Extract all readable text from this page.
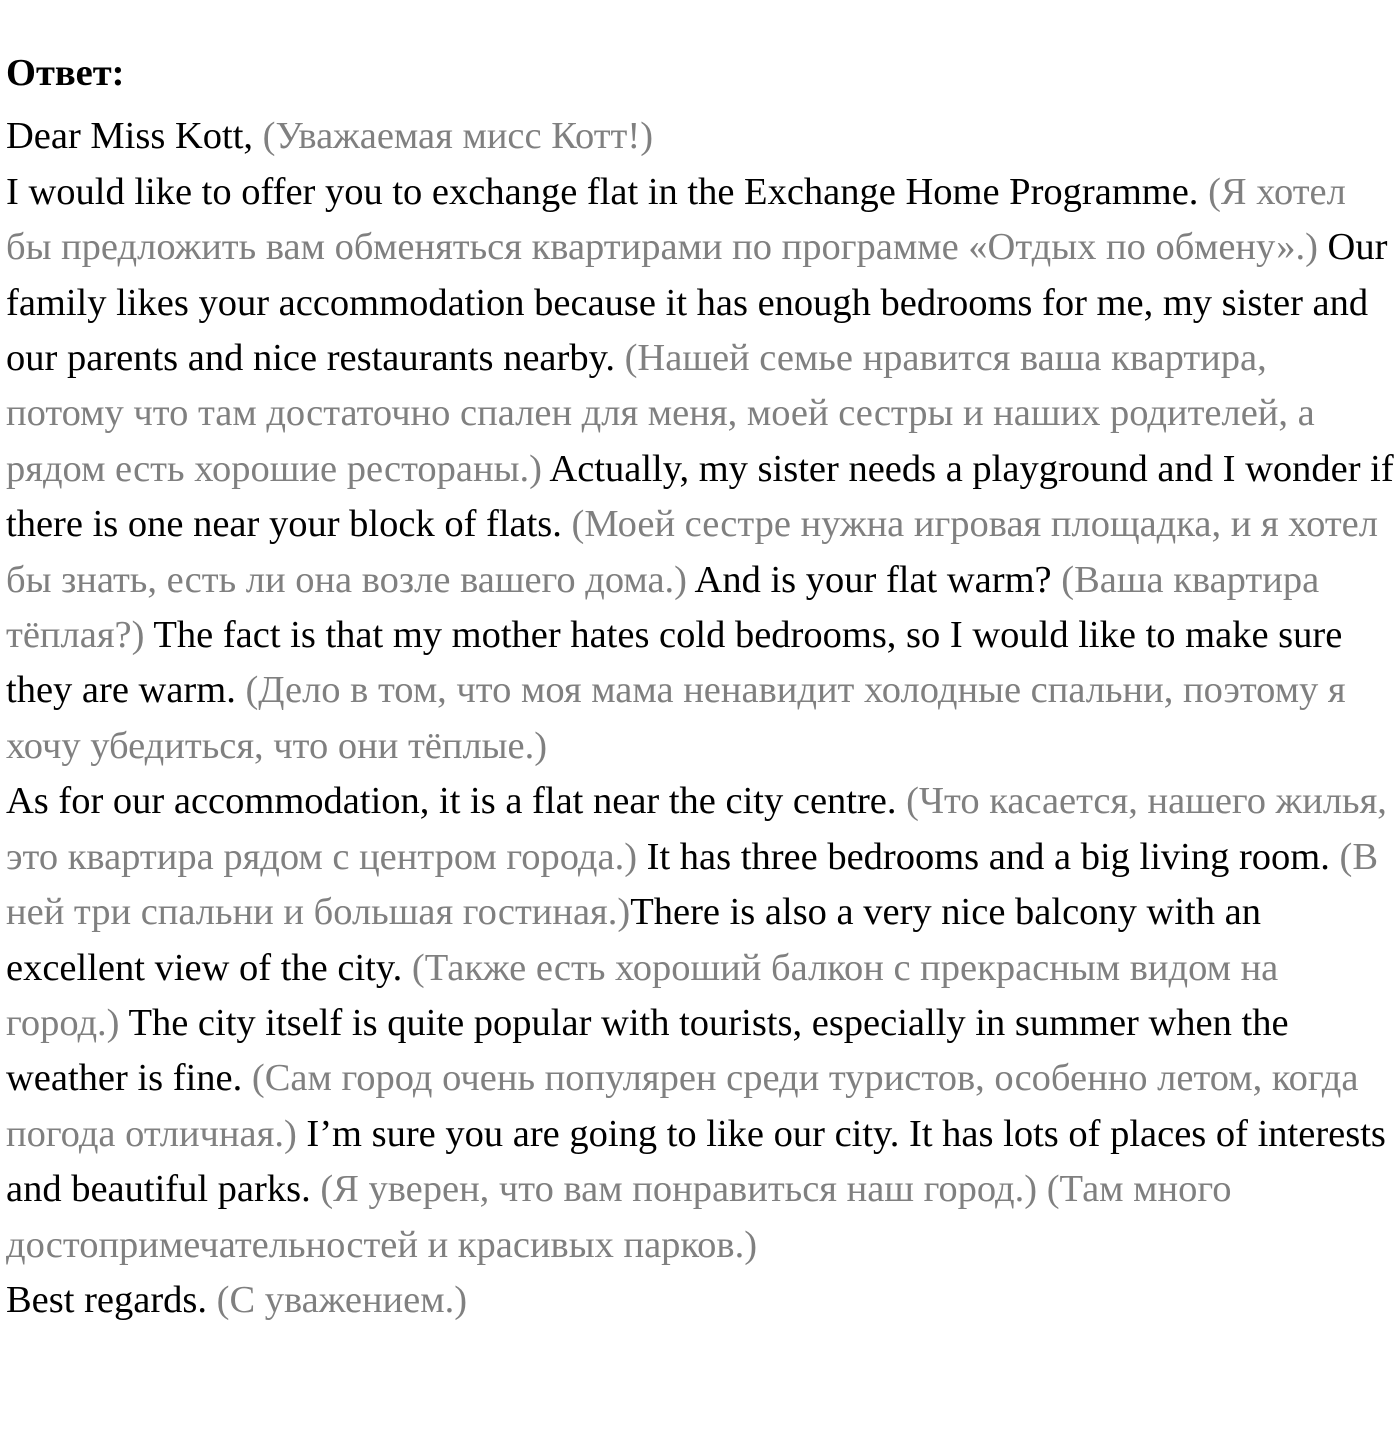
Ответ:

Dear Miss Kott, (Уважаемая мисс Котт!)

I would like to offer you to exchange flat in the Exchange Home Programme. (Я хотел бы предложить вам обменяться квартирами по программе «Отдых по обмену».) Our family likes your accommodation because it has enough bedrooms for me, my sister and our parents and nice restaurants nearby. (Нашей семье нравится ваша квартира, потому что там достаточно спален для меня, моей сестры и наших родителей, а рядом есть хорошие рестораны.) Actually, my sister needs a playground and I wonder if there is one near your block of flats. (Моей сестре нужна игровая площадка, и я хотел бы знать, есть ли она возле вашего дома.) And is your flat warm? (Ваша квартира тёплая?) The fact is that my mother hates cold bedrooms, so I would like to make sure they are warm. (Дело в том, что моя мама ненавидит холодные спальни, поэтому я хочу убедиться, что они тёплые.)

As for our accommodation, it is a flat near the city centre. (Что касается, нашего жилья, это квартира рядом с центром города.) It has three bedrooms and a big living room. (В ней три спальни и большая гостиная.)There is also a very nice balcony with an excellent view of the city. (Также есть хороший балкон с прекрасным видом на город.) The city itself is quite popular with tourists, especially in summer when the weather is fine. (Сам город очень популярен среди туристов, особенно летом, когда погода отличная.) I’m sure you are going to like our city. It has lots of places of interests and beautiful parks. (Я уверен, что вам понравиться наш город.) (Там много достопримечательностей и красивых парков.)

Best regards. (С уважением.)
